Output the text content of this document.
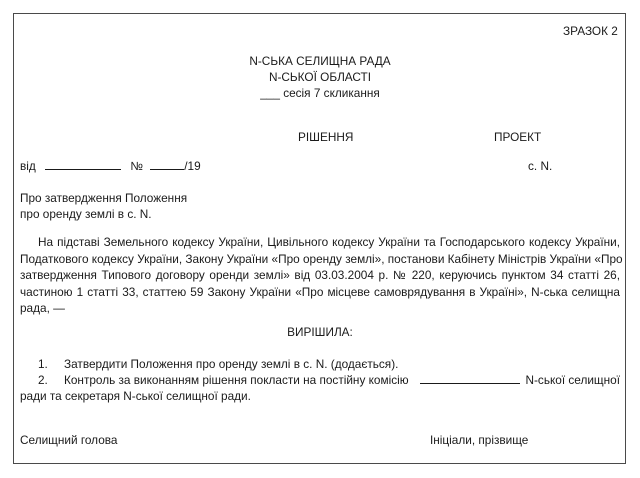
ЗРАЗОК 2
N-СЬКА СЕЛИЩНА РАДА
N-СЬКОЇ ОБЛАСТІ
___ сесія 7 скликання
РІШЕННЯ	ПРОЕКТ
від	№	/19	с. N.
Про затвердження Положення
про оренду землі в с. N.
На підставі Земельного кодексу України, Цивільного кодексу України та Господарського кодексу України,
Податкового кодексу України, Закону України «Про оренду землі», постанови Кабінету Міністрів України «Про
затвердження Типового договору оренди землі» від 03.03.2004 р. № 220, керуючись пунктом 34 статті 26,
частиною 1 статті 33, статтею 59 Закону України «Про місцеве самоврядування в Україні», N-ська селищна
рада, —
ВИРІШИЛА:
1. Затвердити Положення про оренду землі в с. N. (додається).
2. Контроль за виконанням рішення покласти на постійну комісію	N-ської селищної
ради та секретаря N-ської селищної ради.
Селищний голова	Ініціали, прізвище
